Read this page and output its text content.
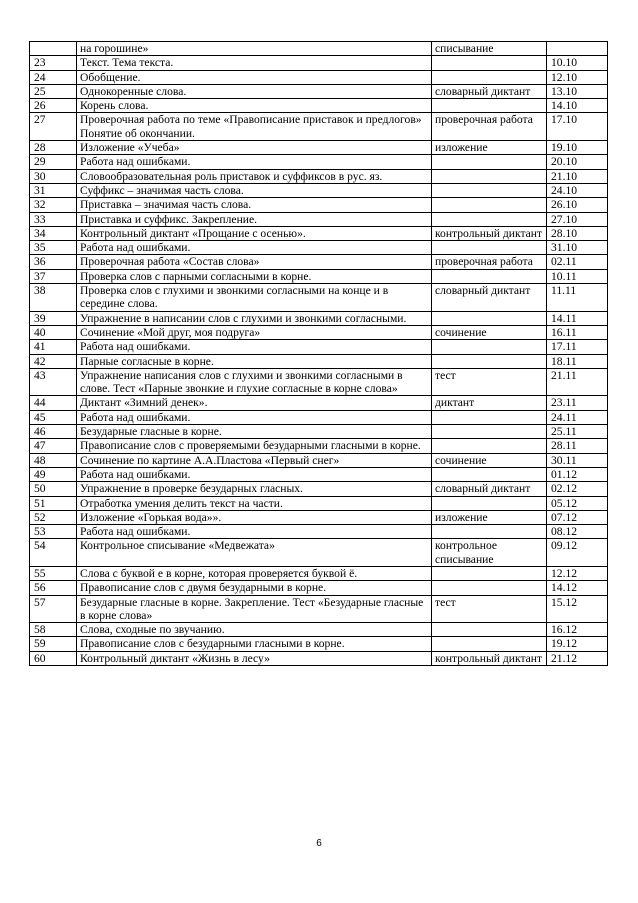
	на горошине»	списывание	
23	Текст. Тема текста.		10.10
24	Обобщение.		12.10
25	Однокоренные слова.	словарный диктант	13.10
26	Корень слова.		14.10
27	Проверочная работа по теме «Правописание приставок и предлогов» Понятие об окончании.	проверочная работа	17.10
28	Изложение «Учеба»	изложение	19.10
29	Работа над ошибками.		20.10
30	Словообразовательная роль приставок и суффиксов в рус. яз.		21.10
31	Суффикс – значимая часть слова.		24.10
32	Приставка – значимая часть слова.		26.10
33	Приставка и суффикс. Закрепление.		27.10
34	Контрольный диктант «Прощание с осенью».	контрольный диктант	28.10
35	Работа над ошибками.		31.10
36	Проверочная работа «Состав слова»	проверочная работа	02.11
37	Проверка слов с парными согласными в корне.		10.11
38	Проверка слов с глухими и звонкими согласными на конце и в середине слова.	словарный диктант	11.11
39	Упражнение в написании слов с глухими и звонкими согласными.		14.11
40	Сочинение «Мой друг, моя подруга»	сочинение	16.11
41	Работа над ошибками.		17.11
42	Парные согласные в корне.		18.11
43	Упражнение написания слов с глухими и звонкими согласными в слове. Тест «Парные звонкие и глухие согласные в корне слова»	тест	21.11
44	Диктант «Зимний денек».	диктант	23.11
45	Работа над ошибками.		24.11
46	Безударные гласные в корне.		25.11
47	Правописание слов с проверяемыми безударными гласными в корне.		28.11
48	Сочинение по картине А.А.Пластова «Первый снег»	сочинение	30.11
49	Работа над ошибками.		01.12
50	Упражнение в проверке безударных гласных.	словарный диктант	02.12
51	Отработка умения делить текст на части.		05.12
52	Изложение «Горькая вода»».	изложение	07.12
53	Работа над ошибками.		08.12
54	Контрольное списывание «Медвежата»	контрольное списывание	09.12
55	Слова с буквой е в корне, которая проверяется буквой ё.		12.12
56	Правописание слов с двумя безударными в корне.		14.12
57	Безударные гласные в корне. Закрепление. Тест «Безударные гласные в корне слова»	тест	15.12
58	Слова, сходные по звучанию.		16.12
59	Правописание слов с безударными гласными в корне.		19.12
60	Контрольный диктант «Жизнь в лесу»	контрольный диктант	21.12
6
